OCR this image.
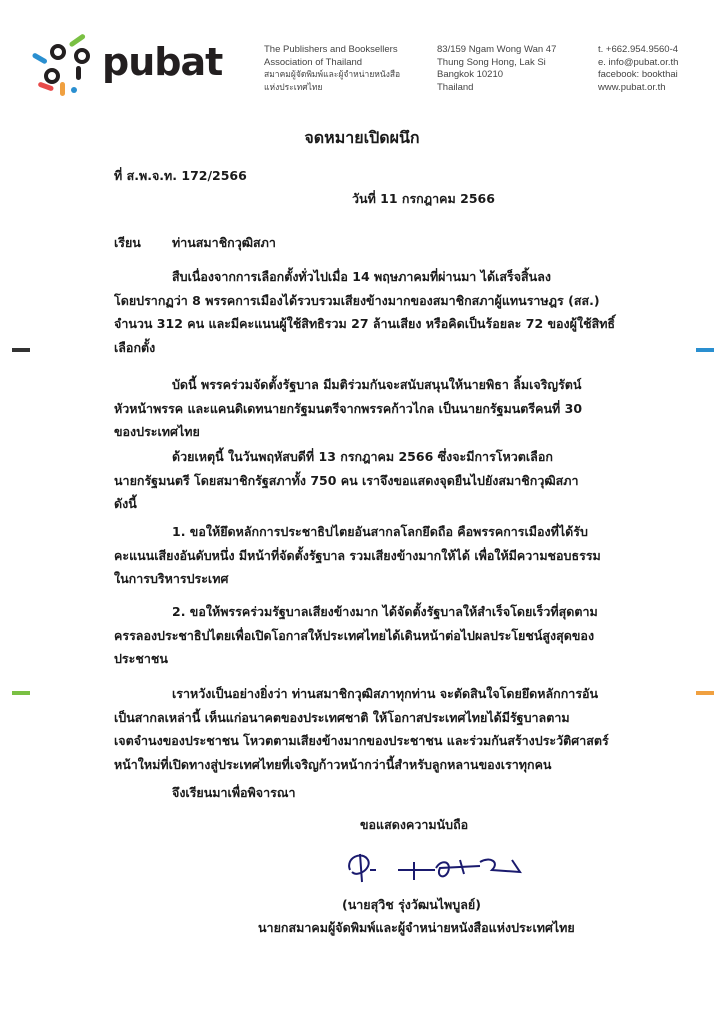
pubat	The Publishers and Booksellers
Association of Thailand
สมาคมผู้จัดพิมพ์และผู้จำหน่ายหนังสือ
แห่งประเทศไทย
83/159 Ngam Wong Wan 47
Thung Song Hong, Lak Si
Bangkok 10210
Thailand
t. +662.954.9560-4
e. info@pubat.or.th
facebook: bookthai
www.pubat.or.th
จดหมายเปิดผนึก
ที่ ส.พ.จ.ท. 172/2566
วันที่ 11 กรกฎาคม 2566
เรียน ท่านสมาชิกวุฒิสภา
สืบเนื่องจากการเลือกตั้งทั่วไปเมื่อ 14 พฤษภาคมที่ผ่านมา ได้เสร็จสิ้นลง
โดยปรากฏว่า 8 พรรคการเมืองได้รวบรวมเสียงข้างมากของสมาชิกสภาผู้แทนราษฎร (สส.)
จำนวน 312 คน และมีคะแนนผู้ใช้สิทธิรวม 27 ล้านเสียง หรือคิดเป็นร้อยละ 72 ของผู้ใช้สิทธิ์
เลือกตั้ง
บัดนี้ พรรคร่วมจัดตั้งรัฐบาล มีมติร่วมกันจะสนับสนุนให้นายพิธา ลิ้มเจริญรัตน์
หัวหน้าพรรค และแคนดิเดทนายกรัฐมนตรีจากพรรคก้าวไกล เป็นนายกรัฐมนตรีคนที่ 30
ของประเทศไทย
ด้วยเหตุนี้ ในวันพฤหัสบดีที่ 13 กรกฎาคม 2566 ซึ่งจะมีการโหวตเลือก
นายกรัฐมนตรี โดยสมาชิกรัฐสภาทั้ง 750 คน เราจึงขอแสดงจุดยืนไปยังสมาชิกวุฒิสภา
ดังนี้
1. ขอให้ยึดหลักการประชาธิปไตยอันสากลโลกยึดถือ คือพรรคการเมืองที่ได้รับ
คะแนนเสียงอันดับหนึ่ง มีหน้าที่จัดตั้งรัฐบาล รวมเสียงข้างมากให้ได้ เพื่อให้มีความชอบธรรม
ในการบริหารประเทศ
2. ขอให้พรรคร่วมรัฐบาลเสียงข้างมาก ได้จัดตั้งรัฐบาลให้สำเร็จโดยเร็วที่สุดตาม
ครรลองประชาธิปไตยเพื่อเปิดโอกาสให้ประเทศไทยได้เดินหน้าต่อไปผลประโยชน์สูงสุดของ
ประชาชน
เราหวังเป็นอย่างยิ่งว่า ท่านสมาชิกวุฒิสภาทุกท่าน จะตัดสินใจโดยยึดหลักการอัน
เป็นสากลเหล่านี้ เห็นแก่อนาคตของประเทศชาติ ให้โอกาสประเทศไทยได้มีรัฐบาลตาม
เจตจำนงของประชาชน โหวตตามเสียงข้างมากของประชาชน และร่วมกันสร้างประวัติศาสตร์
หน้าใหม่ที่เปิดทางสู่ประเทศไทยที่เจริญก้าวหน้ากว่านี้สำหรับลูกหลานของเราทุกคน
จึงเรียนมาเพื่อพิจารณา
ขอแสดงความนับถือ
(นายสุวิช รุ่งวัฒนไพบูลย์)
นายกสมาคมผู้จัดพิมพ์และผู้จำหน่ายหนังสือแห่งประเทศไทย
